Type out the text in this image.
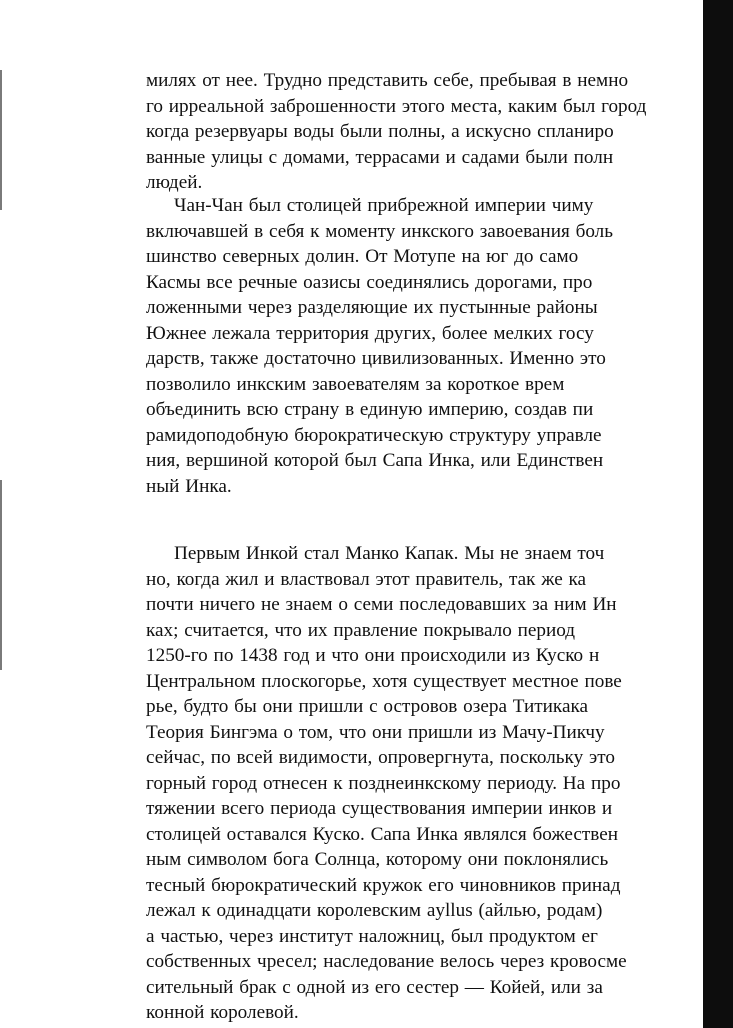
милях от нее. Трудно представить себе, пребывая в немно
го ирреальной заброшенности этого места, каким был город
когда резервуары воды были полны, а искусно спланиро
ванные улицы с домами, террасами и садами были полн
людей.
Чан-Чан был столицей прибрежной империи чиму
включавшей в себя к моменту инкского завоевания боль
шинство северных долин. От Мотупе на юг до само
Касмы все речные оазисы соединялись дорогами, про
ложенными через разделяющие их пустынные районы
Южнее лежала территория других, более мелких госу
дарств, также достаточно цивилизованных. Именно это
позволило инкским завоевателям за короткое врем
объединить всю страну в единую империю, создав пи
рамидоподобную бюрократическую структуру управле
ния, вершиной которой был Сапа Инка, или Единствен
ный Инка.
Первым Инкой стал Манко Капак. Мы не знаем точ
но, когда жил и властвовал этот правитель, так же ка
почти ничего не знаем о семи последовавших за ним Ин
ках; считается, что их правление покрывало период
1250-го по 1438 год и что они происходили из Куско н
Центральном плоскогорье, хотя существует местное пове
рье, будто бы они пришли с островов озера Титикака
Теория Бингэма о том, что они пришли из Мачу-Пикчу
сейчас, по всей видимости, опровергнута, поскольку это
горный город отнесен к позднеинкскому периоду. На про
тяжении всего периода существования империи инков и
столицей оставался Куско. Сапа Инка являлся божествен
ным символом бога Солнца, которому они поклонялись
тесный бюрократический кружок его чиновников принад
лежал к одинадцати королевским ayllus (айлью, родам)
а частью, через институт наложниц, был продуктом ег
собственных чресел; наследование велось через кровосме
сительный брак с одной из его сестер — Койей, или за
конной королевой.
